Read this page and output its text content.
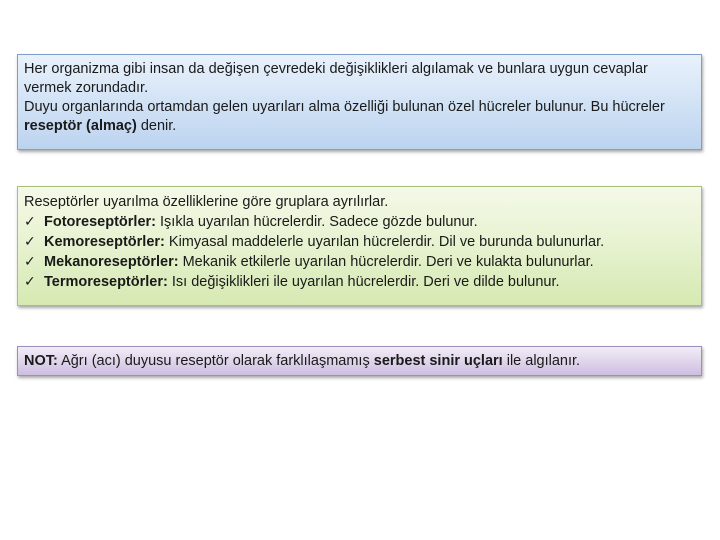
Her organizma gibi insan da değişen çevredeki değişiklikleri algılamak ve bunlara uygun cevaplar vermek zorundadır.

Duyu organlarında ortamdan gelen uyarıları alma özelliği bulunan özel hücreler bulunur. Bu hücreler reseptör (almaç) denir.

Reseptörler uyarılma özelliklerine göre gruplara ayrılırlar.

✓ Fotoreseptörler: Işıkla uyarılan hücrelerdir. Sadece gözde bulunur.
✓ Kemoreseptörler: Kimyasal maddelerle uyarılan hücrelerdir. Dil ve burunda bulunurlar.
✓ Mekanoreseptörler: Mekanik etkilerle uyarılan hücrelerdir. Deri ve kulakta bulunurlar.
✓ Termoreseptörler: Isı değişiklikleri ile uyarılan hücrelerdir. Deri ve dilde bulunur.

NOT: Ağrı (acı) duyusu reseptör olarak farklılaşmamış serbest sinir uçları ile algılanır.
